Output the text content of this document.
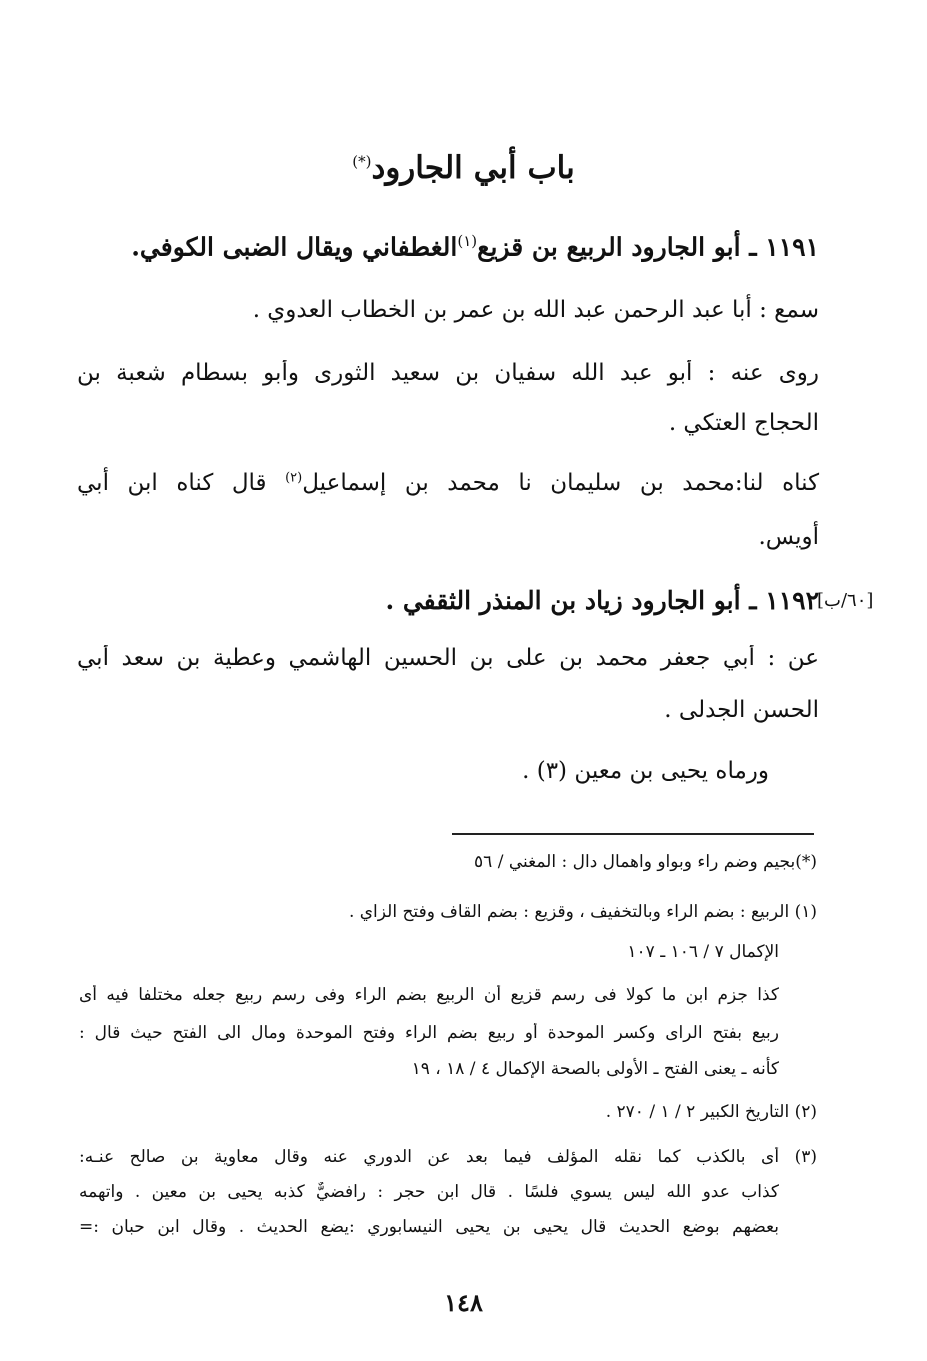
باب أبي الجارود(*)
١١٩١ ـ أبو الجارود الربيع بن قزيع$^{(١)}$الغطفاني ويقال الضبى الكوفي.
سمع : أبا عبد الرحمن عبد الله بن عمر بن الخطاب العدوي .
روى عنه : أبو عبد الله سفيان بن سعيد الثورى وأبو بسطام شعبة بن
الحجاج العتكي .
كناه لنا:محمد بن سليمان نا محمد بن إسماعيل$^{(٢)}$ قال كناه ابن أبي
أويس.
[٦٠/ب]
١١٩٢ ـ أبو الجارود زياد بن المنذر الثقفي .
عن : أبي جعفر محمد بن على بن الحسين الهاشمي وعطية بن سعد أبي
الحسن الجدلى .
ورماه يحيى بن معين (٣) .
(*)بجيم وضم راء وبواو واهمال دال : المغني / ٥٦
(١) الربيع : بضم الراء وبالتخفيف ، وقزيع : بضم القاف وفتح الزاي .
الإكمال ٧ / ١٠٦ ـ ١٠٧
كذا جزم ابن ما كولا فى رسم قزيع أن الربيع بضم الراء وفى رسم ربيع جعله مختلفا فيه أى
ربيع بفتح الراى وكسر الموحدة أو ربيع بضم الراء وفتح الموحدة ومال الى الفتح حيث قال :
كأنه ـ يعنى الفتح ـ الأولى بالصحة الإكمال ٤ / ١٨ ، ١٩
(٢) التاريخ الكبير ٢ / ١ / ٢٧٠ .
(٣) أى بالكذب كما نقله المؤلف فيما بعد عن الدوري عنه وقال معاوية بن صالح عنـه:
كذاب عدو الله ليس يسوي فلسًا . قال ابن حجر : رافضيٌّ كذبه يحيى بن معين . واتهمه
بعضهم بوضع الحديث قال يحيى بن يحيى النيسابوري :يضع الحديث . وقال ابن حبان :=
١٤٨
